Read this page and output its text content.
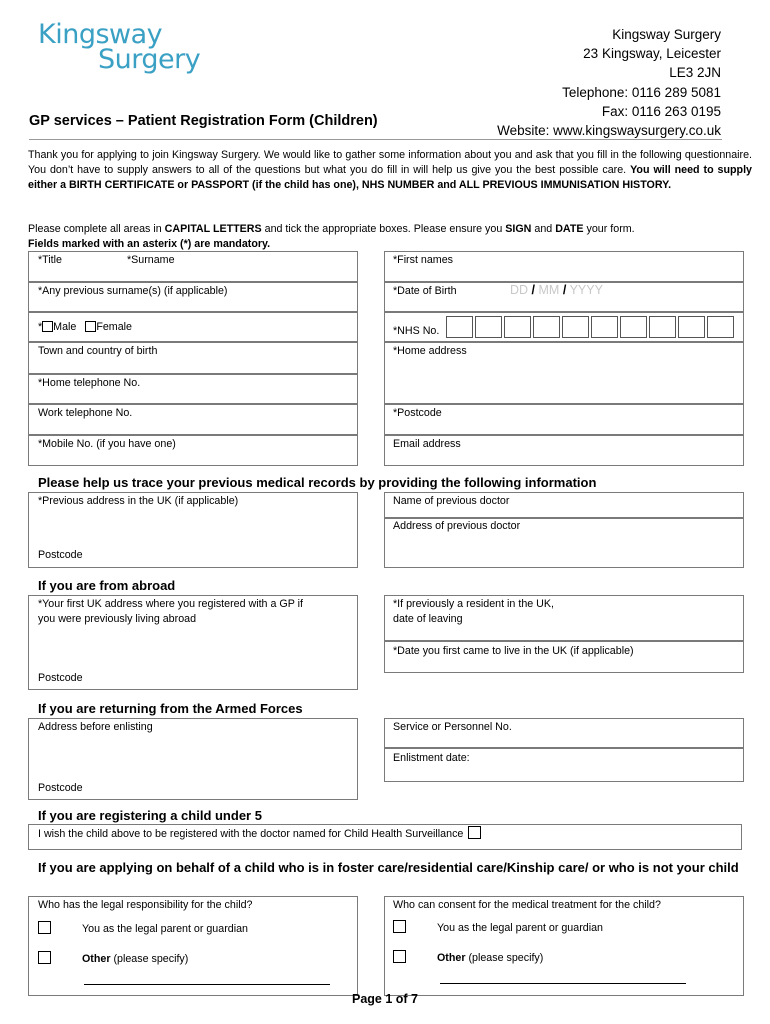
Kingsway
Surgery
Kingsway Surgery
23 Kingsway, Leicester
LE3 2JN
Telephone: 0116 289 5081
Fax: 0116 263 0195
Website: www.kingswaysurgery.co.uk
GP services – Patient Registration Form (Children)
Thank you for applying to join Kingsway Surgery. We would like to gather some information about you and ask that you fill in the following questionnaire. You don’t have to supply answers to all of the questions but what you do fill in will help us give you the best possible care. You will need to supply either a BIRTH CERTIFICATE or PASSPORT (if the child has one), NHS NUMBER and ALL PREVIOUS IMMUNISATION HISTORY.
Please complete all areas in CAPITAL LETTERS and tick the appropriate boxes. Please ensure you SIGN and DATE your form.
Fields marked with an asterix (*) are mandatory.
*Title	*Surname
*Any previous surname(s) (if applicable)
* Male Female
Town and country of birth
*Home telephone No.
Work telephone No.
*Mobile No. (if you have one)
*First names
*Date of Birth	DD / MM / YYYY
*NHS No.
*Home address
*Postcode
Email address
Please help us trace your previous medical records by providing the following information
*Previous address in the UK (if applicable)
Postcode
Name of previous doctor
Address of previous doctor
If you are from abroad
*Your first UK address where you registered with a GP if
you were previously living abroad
Postcode
*If previously a resident in the UK,
date of leaving
*Date you first came to live in the UK (if applicable)
If you are returning from the Armed Forces
Address before enlisting
Postcode
Service or Personnel No.
Enlistment date:
If you are registering a child under 5
I wish the child above to be registered with the doctor named for Child Health Surveillance
If you are applying on behalf of a child who is in foster care/residential care/Kinship care/ or who is not your child
Who has the legal responsibility for the child?
You as the legal parent or guardian
Other (please specify)
Who can consent for the medical treatment for the child?
You as the legal parent or guardian
Other (please specify)
Page 1 of 7
